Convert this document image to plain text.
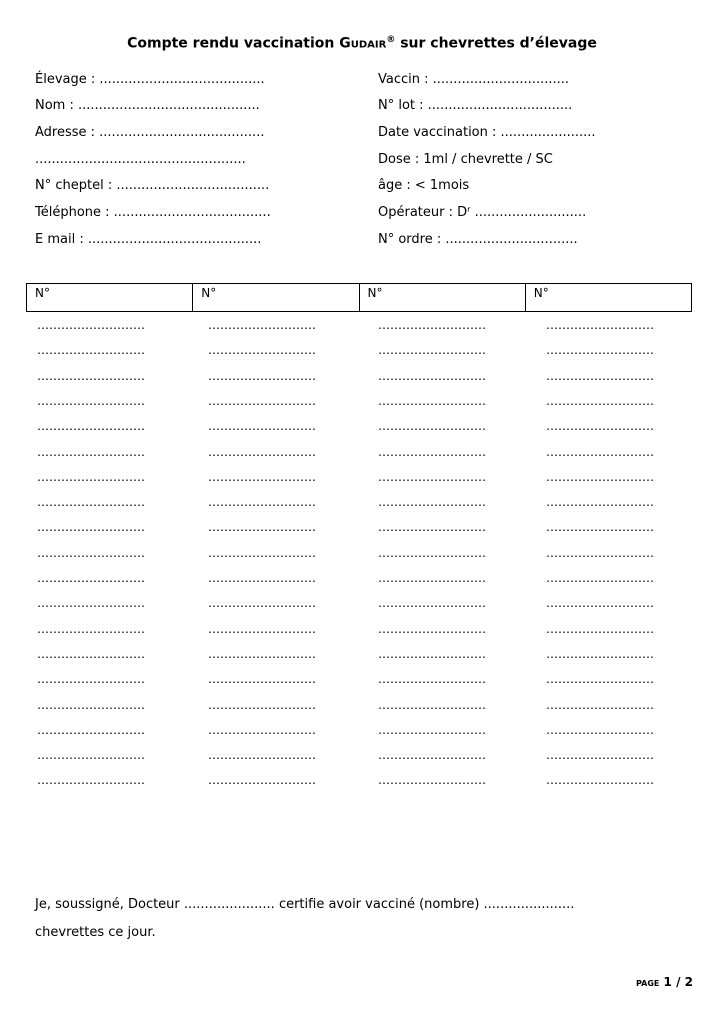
Compte rendu vaccination Gudair® sur chevrettes d’élevage
Élevage : ........................................
Nom : ............................................
Adresse : ........................................
...................................................
N° cheptel : .....................................
Téléphone : ......................................
E mail : ..........................................
Vaccin : .................................
N° lot : ...................................
Date vaccination : .......................
Dose : 1ml / chevrette / SC
âge : < 1mois
Opérateur : Dʳ ...........................
N° ordre : ................................
N°	N°	N°	N°
………………………	………………………	………………………	………………………
………………………	………………………	………………………	………………………
………………………	………………………	………………………	………………………
………………………	………………………	………………………	………………………
………………………	………………………	………………………	………………………
………………………	………………………	………………………	………………………
………………………	………………………	………………………	………………………
………………………	………………………	………………………	………………………
………………………	………………………	………………………	………………………
………………………	………………………	………………………	………………………
………………………	………………………	………………………	………………………
………………………	………………………	………………………	………………………
………………………	………………………	………………………	………………………
………………………	………………………	………………………	………………………
………………………	………………………	………………………	………………………
………………………	………………………	………………………	………………………
………………………	………………………	………………………	………………………
………………………	………………………	………………………	………………………
………………………	………………………	………………………	………………………
Je, soussigné, Docteur ...................... certifie avoir vacciné (nombre) ......................
chevrettes ce jour.
PAGE 1 / 2
